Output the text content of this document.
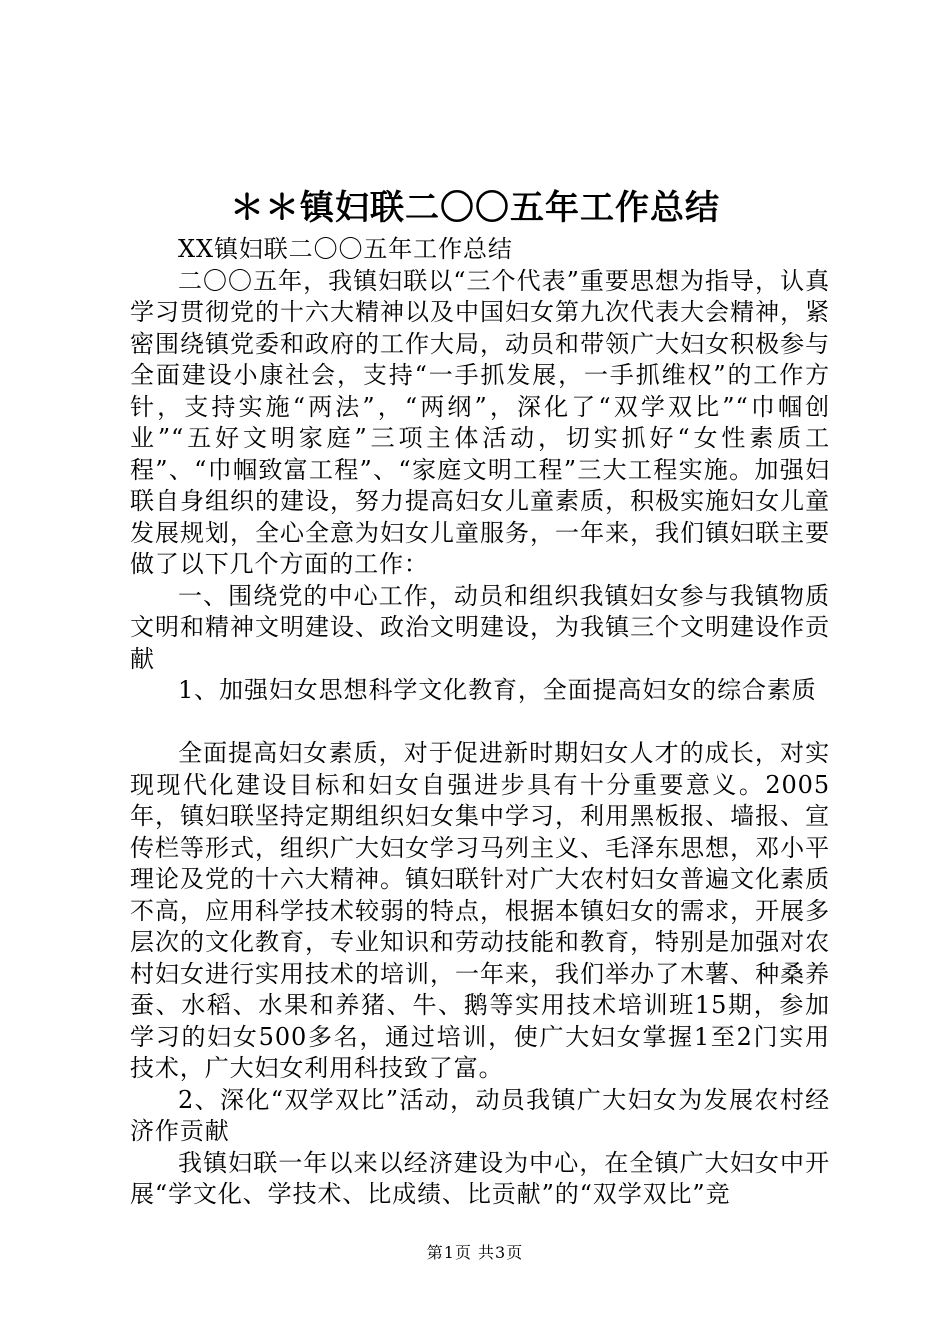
＊＊镇妇联二〇〇五年工作总结

XX镇妇联二〇〇五年工作总结

二〇〇五年，我镇妇联以“三个代表”重要思想为指导，认真学习贯彻党的十六大精神以及中国妇女第九次代表大会精神，紧密围绕镇党委和政府的工作大局，动员和带领广大妇女积极参与全面建设小康社会，支持“一手抓发展，一手抓维权”的工作方针，支持实施“两法”，“两纲”，深化了“双学双比”“巾帼创业”“五好文明家庭”三项主体活动，切实抓好“女性素质工程”、“巾帼致富工程”、“家庭文明工程”三大工程实施。加强妇联自身组织的建设，努力提高妇女儿童素质，积极实施妇女儿童发展规划，全心全意为妇女儿童服务，一年来，我们镇妇联主要做了以下几个方面的工作：

一、围绕党的中心工作，动员和组织我镇妇女参与我镇物质文明和精神文明建设、政治文明建设，为我镇三个文明建设作贡献

1、加强妇女思想科学文化教育，全面提高妇女的综合素质

全面提高妇女素质，对于促进新时期妇女人才的成长，对实现现代化建设目标和妇女自强进步具有十分重要意义。2005年，镇妇联坚持定期组织妇女集中学习，利用黑板报、墙报、宣传栏等形式，组织广大妇女学习马列主义、毛泽东思想，邓小平理论及党的十六大精神。镇妇联针对广大农村妇女普遍文化素质不高，应用科学技术较弱的特点，根据本镇妇女的需求，开展多层次的文化教育，专业知识和劳动技能和教育，特别是加强对农村妇女进行实用技术的培训，一年来，我们举办了木薯、种桑养蚕、水稻、水果和养猪、牛、鹅等实用技术培训班15期，参加学习的妇女500多名，通过培训，使广大妇女掌握1至2门实用技术，广大妇女利用科技致了富。

2、深化“双学双比”活动，动员我镇广大妇女为发展农村经济作贡献

我镇妇联一年以来以经济建设为中心，在全镇广大妇女中开展“学文化、学技术、比成绩、比贡献”的“双学双比”竞

第1页 共3页
